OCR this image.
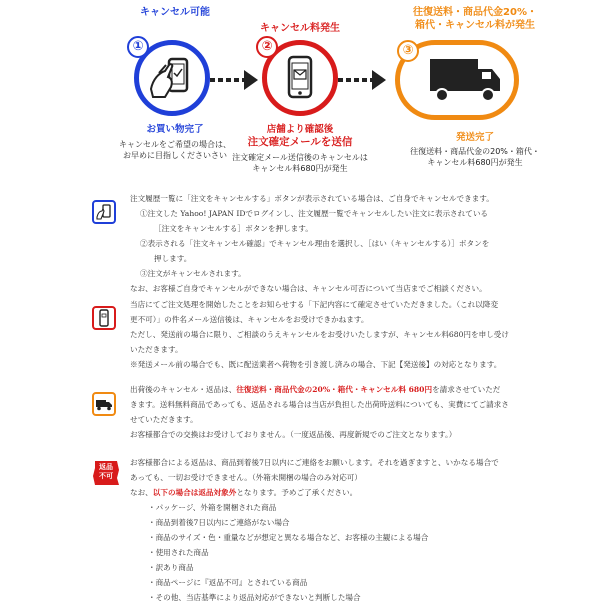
キャンセル可能
①
お買い物完了
キャンセルをご希望の場合は、
お早めに目指しくださいさい
キャンセル料発生
②
店舗より確認後
注文確定メールを送信
注文確定メール送信後のキャンセルは
キャンセル料680円が発生
往復送料・商品代金20%・
箱代・キャンセル料が発生
③
発送完了
往復送料・商品代金の20%・箱代・
キャンセル料680円が発生
注文履歴一覧に「注文をキャンセルする」ボタンが表示されている場合は、ご自身でキャンセルできます。
①注文した Yahoo! JAPAN IDでログインし、注文履歴一覧でキャンセルしたい注文に表示されている
［注文をキャンセルする］ボタンを押します。
②表示される「注文キャンセル確認」でキャンセル理由を選択し、［はい（キャンセルする）］ボタンを
押します。
③注文がキャンセルされます。
なお、お客様ご自身でキャンセルができない場合は、キャンセル可否について当店までご相談ください。
当店にてご注文処理を開始したことをお知らせする「下記内容にて確定させていただきました。（これ以降変
更不可）」の件名メール送信後は、キャンセルをお受けできかねます。
ただし、発送前の場合に限り、ご相談のうえキャンセルをお受けいたしますが、キャンセル料680円を申し受け
いただきます。
※発送メール前の場合でも、既に配送業者へ荷物を引き渡し済みの場合、下記【発送後】の対応となります。
出荷後のキャンセル・返品は、往復送料・商品代金の20%・箱代・キャンセル料 680円を請求させていただ
きます。送料無料商品であっても、返品される場合は当店が負担した出荷時送料についても、実費にてご請求さ
せていただきます。
お客様都合での交換はお受けしておりません。（一度返品後、再度新規でのご注文となります。）
返品
不可
お客様都合による返品は、商品到着後7日以内にご連絡をお願いします。それを過ぎますと、いかなる場合で
あっても、一切お受けできません。（外箱未開梱の場合のみ対応可）
なお、以下の場合は返品対象外となります。予めご了承ください。
・パッケージ、外箱を開梱された商品
・商品到着後7日以内にご連絡がない場合
・商品のサイズ・色・重量などが想定と異なる場合など、お客様の主観による場合
・使用された商品
・訳あり商品
・商品ページに『返品不可』とされている商品
・その他、当店基準により返品対応ができないと判断した場合
